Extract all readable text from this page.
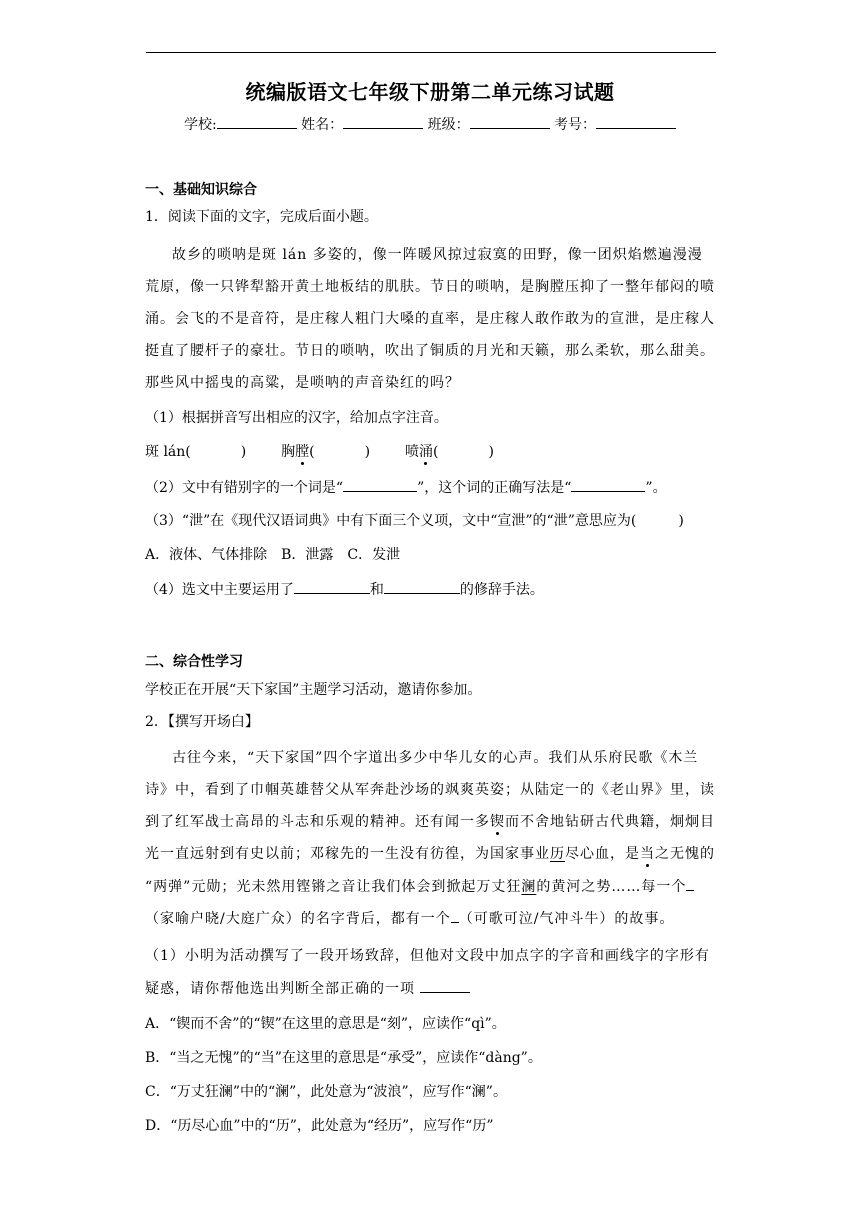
统编版语文七年级下册第二单元练习试题
学校:	姓名：	班级：	考号：
一、基础知识综合
1．阅读下面的文字，完成后面小题。
故乡的唢呐是斑 lán 多姿的，像一阵暖风掠过寂寞的田野，像一团炽焰燃遍漫漫
荒原，像一只铧犁豁开黄土地板结的肌肤。节日的唢呐，是胸膛压抑了一整年郁闷的喷
涌。会飞的不是音符，是庄稼人粗门大嗓的直率，是庄稼人敢作敢为的宣泄，是庄稼人
挺直了腰杆子的豪壮。节日的唢呐，吹出了铜质的月光和天籁，那么柔软，那么甜美。
那些风中摇曳的高粱，是唢呐的声音染红的吗？
（1）根据拼音写出相应的汉字，给加点字注音。
斑 lán(	) 胸膛(	) 喷涌(	)
（2）文中有错别字的一个词是“	”，这个词的正确写法是“	”。
（3）“泄”在《现代汉语词典》中有下面三个义项，文中“宣泄”的“泄”意思应为(	)
A．液体、气体排除　B．泄露　C．发泄
（4）选文中主要运用了	和	的修辞手法。
二、综合性学习
学校正在开展“天下家国”主题学习活动，邀请你参加。
2．【撰写开场白】
古往今来，“天下家国”四个字道出多少中华儿女的心声。我们从乐府民歌《木兰
诗》中，看到了巾帼英雄替父从军奔赴沙场的飒爽英姿；从陆定一的《老山界》里，读
到了红军战士高昂的斗志和乐观的精神。还有闻一多锲而不舍地钻研古代典籍，炯炯目
光一直远射到有史以前；邓稼先的一生没有彷徨，为国家事业历尽心血，是当之无愧的
“两弹”元勋；光未然用铿锵之音让我们体会到掀起万丈狂澜的黄河之势……每一个
（家喻户晓/大庭广众）的名字背后，都有一个 （可歌可泣/气冲斗牛）的故事。
（1）小明为活动撰写了一段开场致辞，但他对文段中加点字的字音和画线字的字形有
疑惑，请你帮他选出判断全部正确的一项
A．“锲而不舍”的“锲”在这里的意思是“刻”，应读作“qì”。
B．“当之无愧”的“当”在这里的意思是“承受”，应读作“dàng”。
C．“万丈狂澜”中的“澜”，此处意为“波浪”，应写作“澜”。
D．“历尽心血”中的“历”，此处意为“经历”，应写作“历”
